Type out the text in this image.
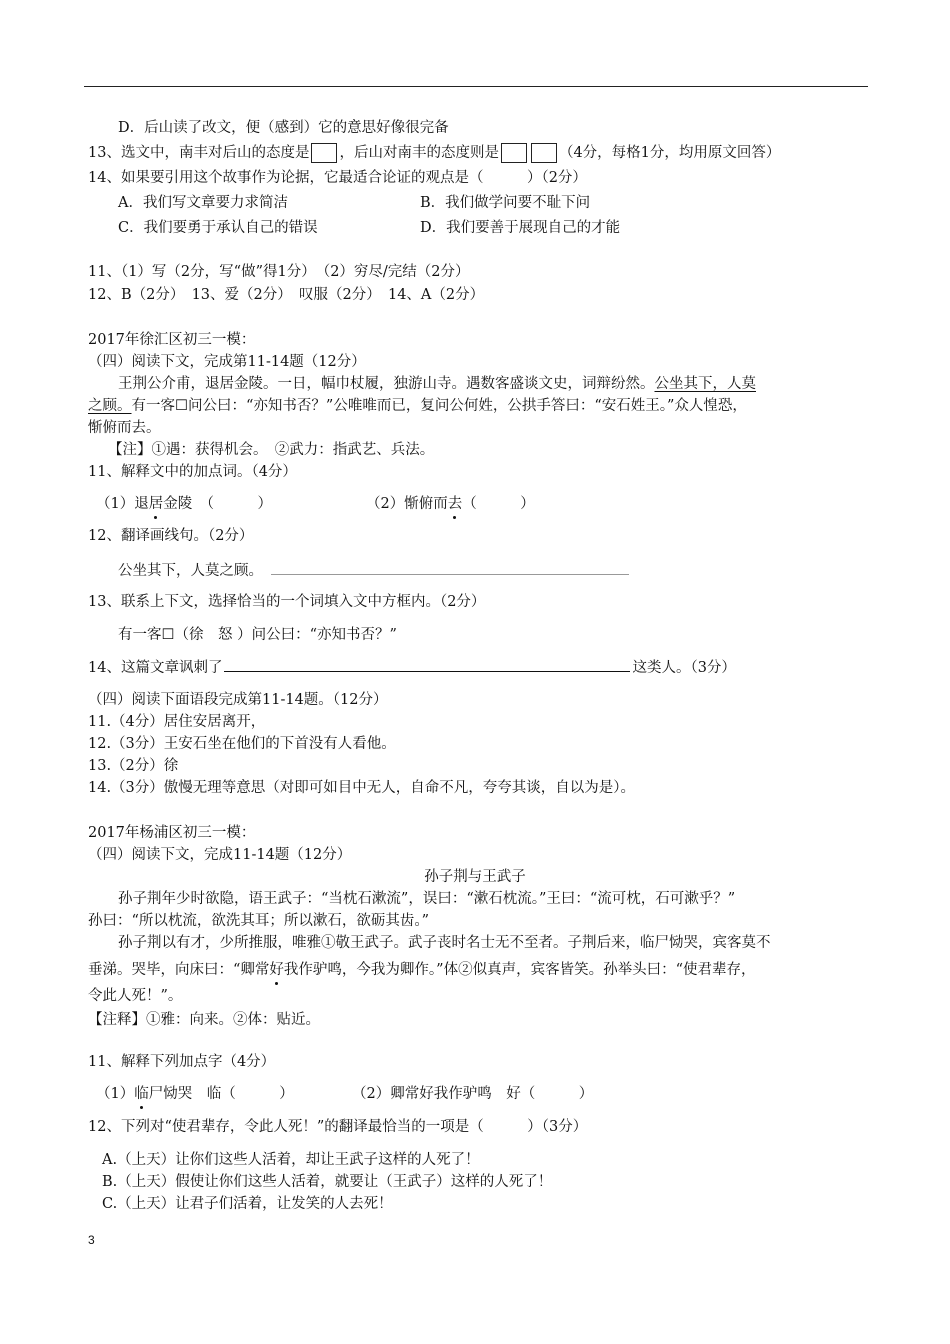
D．后山读了改文，便（感到）它的意思好像很完备
13、选文中，南丰对后山的态度是 ，后山对南丰的态度则是	（4分，每格1分，均用原文回答）
14、如果要引用这个故事作为论据，它最适合论证的观点是（　　　）（2分）
A．我们写文章要力求简洁	B．我们做学问要不耻下问
C．我们要勇于承认自己的错误	D．我们要善于展现自己的才能
11、（1）写（2分，写“做”得1分）　（2）穷尽/完结（2分）
12、B（2分）　13、爱（2分）　叹服（2分）　14、A（2分）
2017年徐汇区初三一模：
（四）阅读下文，完成第11-14题（12分）
王荆公介甫，退居金陵。一日，幅巾杖履，独游山寺。遇数客盛谈文史，词辩纷然。公坐其下，人莫
之顾。有一客☐问公曰：“亦知书否？”公唯唯而已，复问公何姓，公拱手答曰：“安石姓王。”众人惶恐，
惭俯而去。
【注】①遇：获得机会。　②武力：指武艺、兵法。
11、解释文中的加点词。（4分）
（1）退居金陵　（　　　）	（2）惭俯而去（　　　）
12、翻译画线句。（2分）
公坐其下，人莫之顾。
13、联系上下文，选择恰当的一个词填入文中方框内。（2分）
有一客☐（徐　怒 ）问公曰：“亦知书否？”
14、这篇文章讽刺了	这类人。（3分）
（四）阅读下面语段完成第11-14题。（12分）
11.（4分）居住安居离开，
12.（3分）王安石坐在他们的下首没有人看他。
13.（2分）徐
14.（3分）傲慢无理等意思（对即可如目中无人，自命不凡，夸夸其谈，自以为是）。
2017年杨浦区初三一模：
（四）阅读下文，完成11-14题（12分）
孙子荆与王武子
孙子荆年少时欲隐，语王武子：“当枕石漱流”，误曰：“漱石枕流。”王曰：“流可枕，石可漱乎？”
孙曰：“所以枕流，欲洗其耳；所以漱石，欲砺其齿。”
孙子荆以有才，少所推服，唯雅①敬王武子。武子丧时名士无不至者。子荆后来，临尸恸哭，宾客莫不
垂涕。哭毕，向床曰：“卿常好我作驴鸣，今我为卿作。”体②似真声，宾客皆笑。孙举头曰：“使君辈存，
令此人死！”。
【注释】①雅：向来。②体：贴近。
11、解释下列加点字（4分）
（1）临尸恸哭　临（　　　）	（2）卿常好我作驴鸣　好（　　　）
12、下列对“使君辈存，令此人死！”的翻译最恰当的一项是（　　　）（3分）
A.（上天）让你们这些人活着，却让王武子这样的人死了！
B.（上天）假使让你们这些人活着，就要让（王武子）这样的人死了！
C.（上天）让君子们活着，让发笑的人去死！
3
